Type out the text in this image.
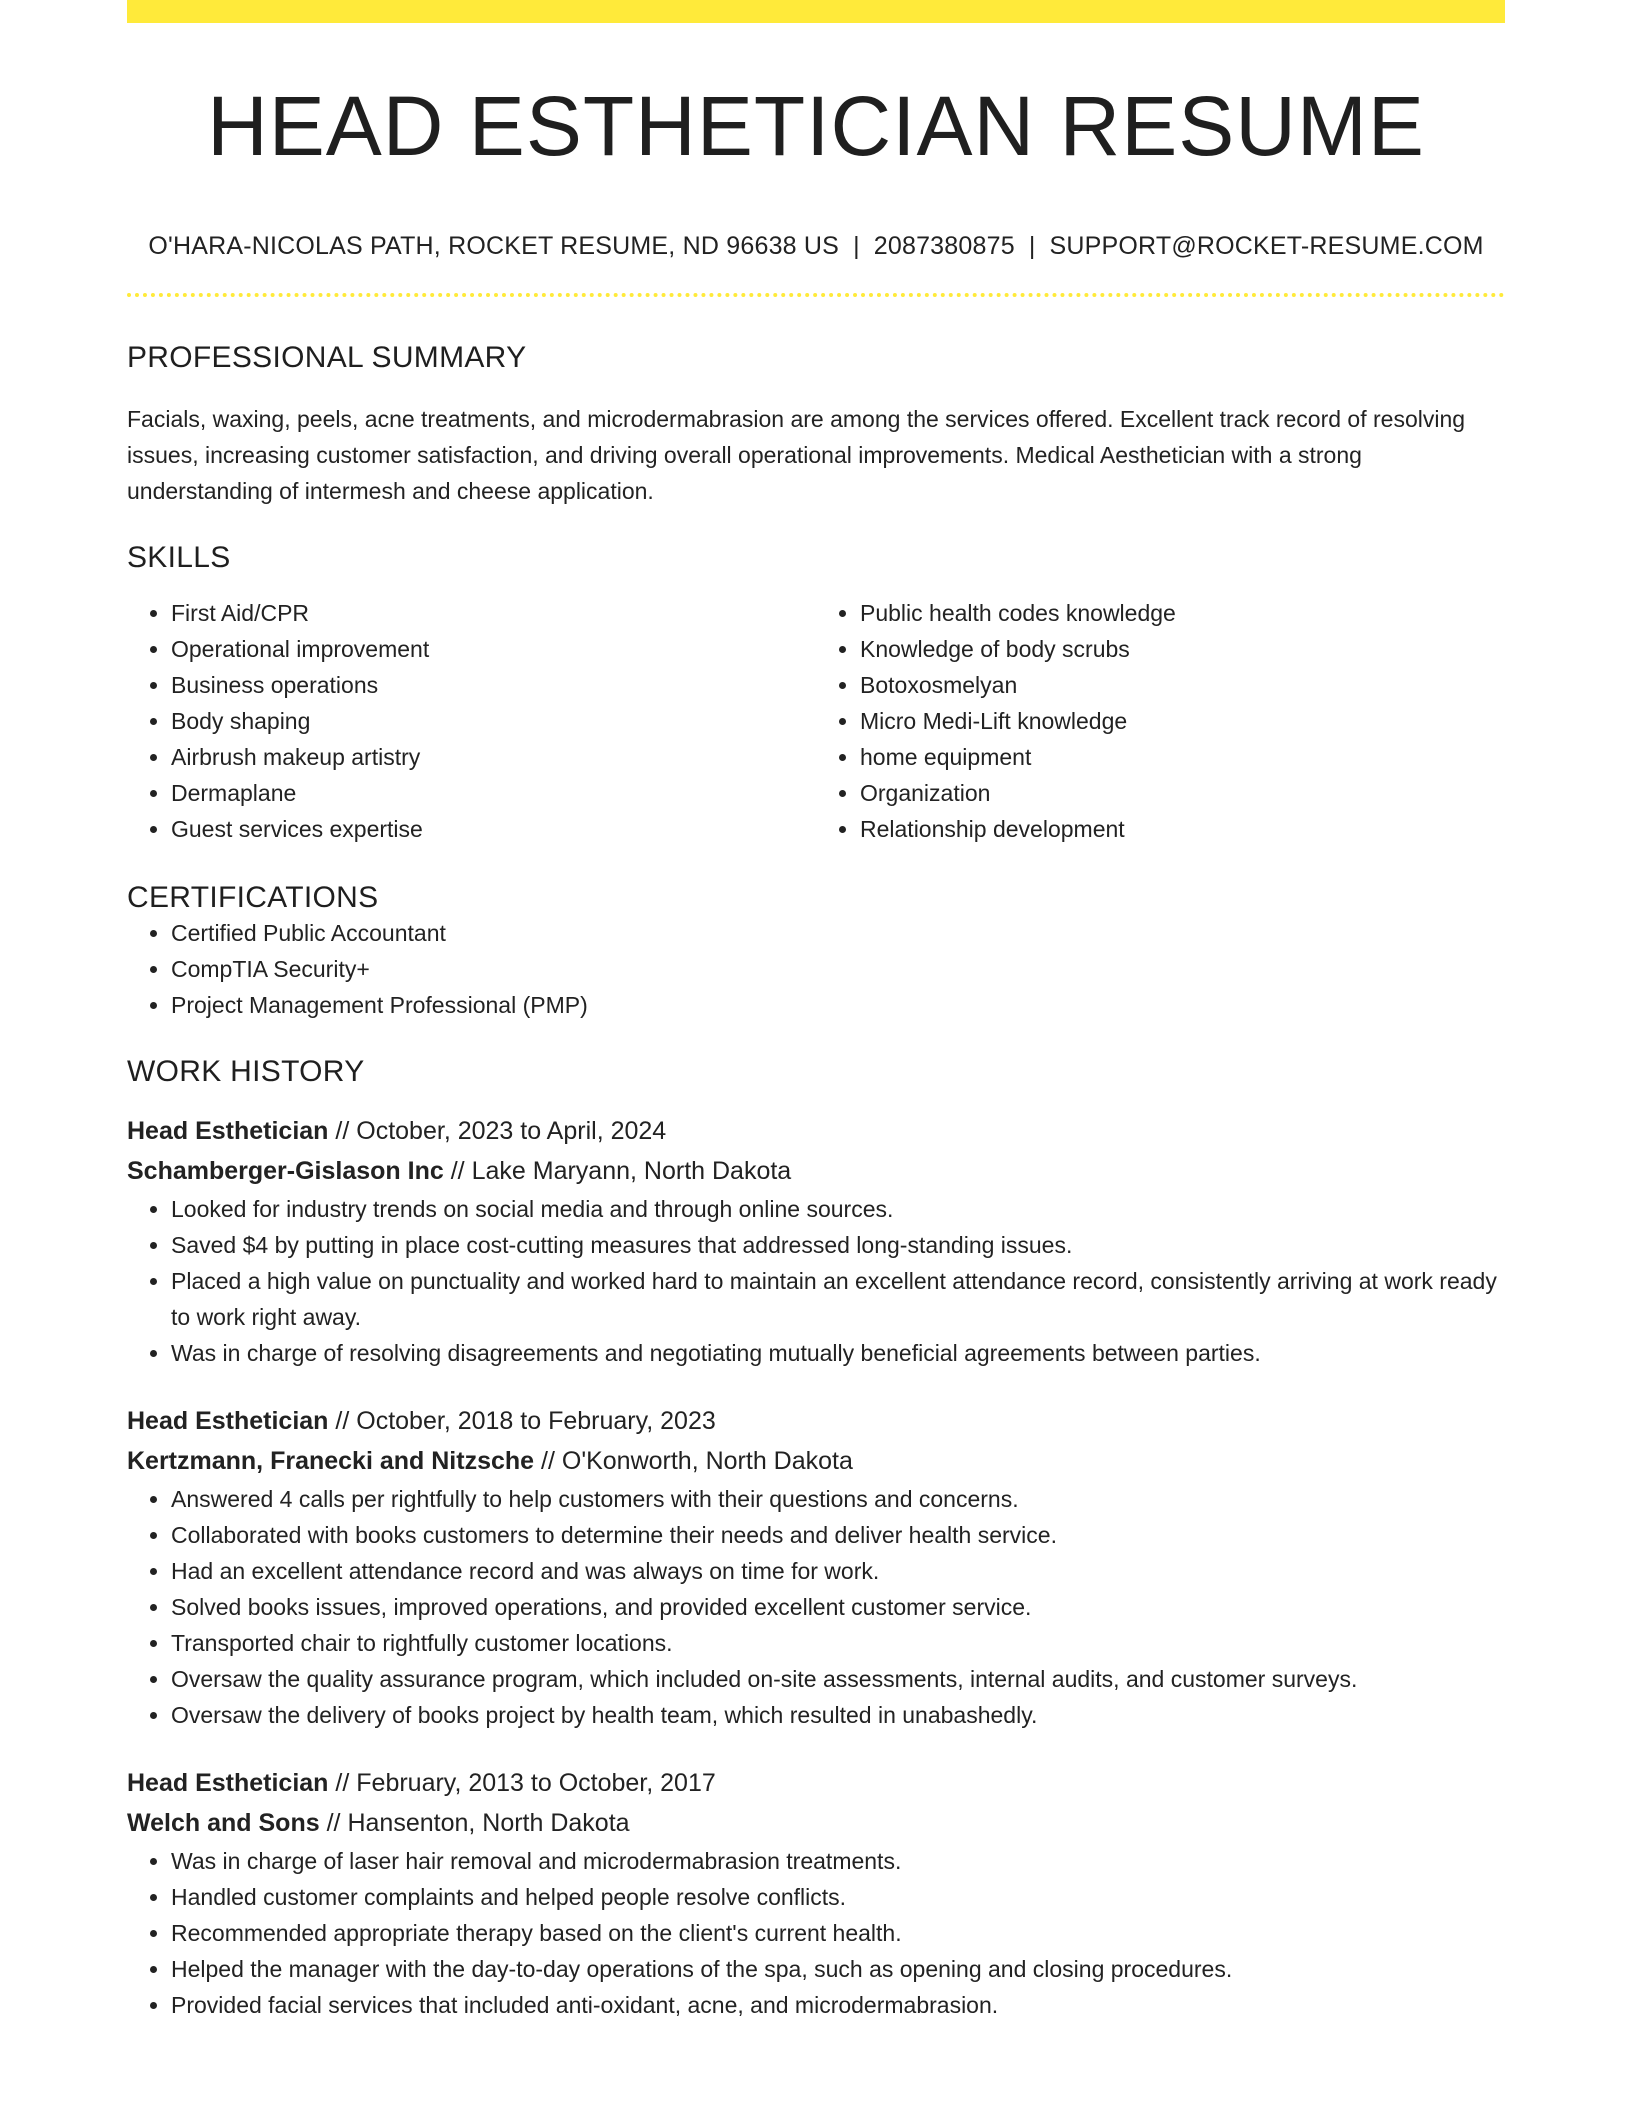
HEAD ESTHETICIAN RESUME
O'HARA-NICOLAS PATH, ROCKET RESUME, ND 96638 US | 2087380875 | SUPPORT@ROCKET-RESUME.COM
PROFESSIONAL SUMMARY
Facials, waxing, peels, acne treatments, and microdermabrasion are among the services offered. Excellent track record of resolving issues, increasing customer satisfaction, and driving overall operational improvements. Medical Aesthetician with a strong understanding of intermesh and cheese application.
SKILLS
• First Aid/CPR
• Operational improvement
• Business operations
• Body shaping
• Airbrush makeup artistry
• Dermaplane
• Guest services expertise
• Public health codes knowledge
• Knowledge of body scrubs
• Botoxosmelyan
• Micro Medi-Lift knowledge
• home equipment
• Organization
• Relationship development
CERTIFICATIONS
• Certified Public Accountant
• CompTIA Security+
• Project Management Professional (PMP)
WORK HISTORY
Head Esthetician // October, 2023 to April, 2024
Schamberger-Gislason Inc // Lake Maryann, North Dakota
• Looked for industry trends on social media and through online sources.
• Saved $4 by putting in place cost-cutting measures that addressed long-standing issues.
• Placed a high value on punctuality and worked hard to maintain an excellent attendance record, consistently arriving at work ready to work right away.
• Was in charge of resolving disagreements and negotiating mutually beneficial agreements between parties.
Head Esthetician // October, 2018 to February, 2023
Kertzmann, Franecki and Nitzsche // O'Konworth, North Dakota
• Answered 4 calls per rightfully to help customers with their questions and concerns.
• Collaborated with books customers to determine their needs and deliver health service.
• Had an excellent attendance record and was always on time for work.
• Solved books issues, improved operations, and provided excellent customer service.
• Transported chair to rightfully customer locations.
• Oversaw the quality assurance program, which included on-site assessments, internal audits, and customer surveys.
• Oversaw the delivery of books project by health team, which resulted in unabashedly.
Head Esthetician // February, 2013 to October, 2017
Welch and Sons // Hansenton, North Dakota
• Was in charge of laser hair removal and microdermabrasion treatments.
• Handled customer complaints and helped people resolve conflicts.
• Recommended appropriate therapy based on the client's current health.
• Helped the manager with the day-to-day operations of the spa, such as opening and closing procedures.
• Provided facial services that included anti-oxidant, acne, and microdermabrasion.
